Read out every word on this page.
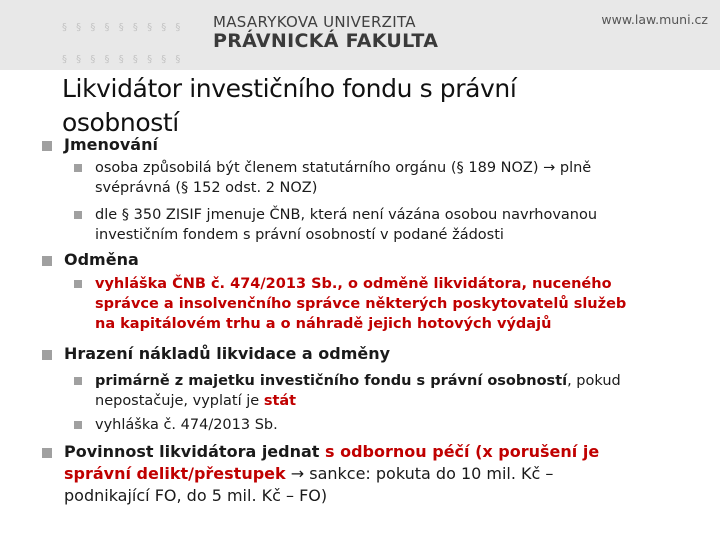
§ § § § § § § § §

§ § § § § § § § §

MASARYKOVA UNIVERZITA
PRÁVNICKÁ FAKULTA
www.law.muni.cz
Likvidátor investičního fondu s právní
osobností
Jmenování
osoba způsobilá být členem statutárního orgánu (§ 189 NOZ) → plně
svéprávná (§ 152 odst. 2 NOZ)
dle § 350 ZISIF jmenuje ČNB, která není vázána osobou navrhovanou
investičním fondem s právní osobností v podané žádosti
Odměna
vyhláška ČNB č. 474/2013 Sb., o odměně likvidátora, nuceného
správce a insolvenčního správce některých poskytovatelů služeb
na kapitálovém trhu a o náhradě jejich hotových výdajů
Hrazení nákladů likvidace a odměny
primárně z majetku investičního fondu s právní osobností, pokud
nepostačuje, vyplatí je stát
vyhláška č. 474/2013 Sb.
Povinnost likvidátora jednat s odbornou péčí (x porušení je
správní delikt/přestupek → sankce: pokuta do 10 mil. Kč –
podnikající FO, do 5 mil. Kč – FO)
